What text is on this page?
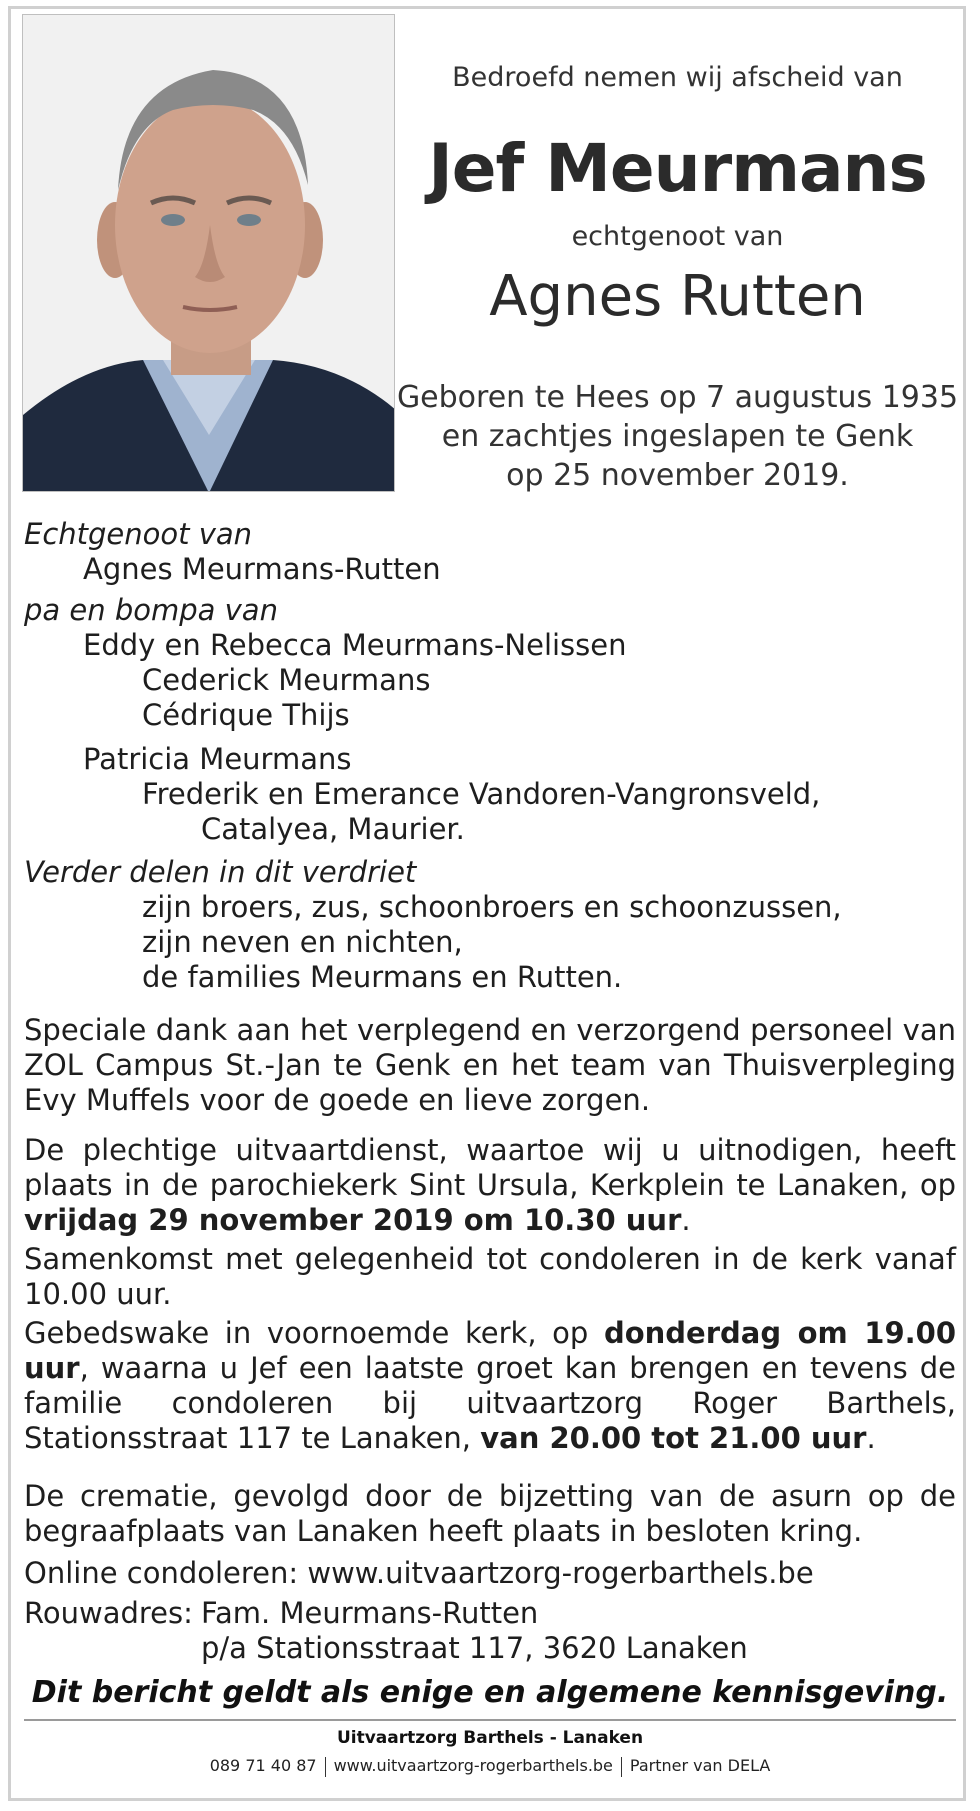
Bedroefd nemen wij afscheid van
Jef Meurmans
echtgenoot van
Agnes Rutten
Geboren te Hees op 7 augustus 1935
en zachtjes ingeslapen te Genk
op 25 november 2019.
Echtgenoot van
Agnes Meurmans-Rutten
pa en bompa van
Eddy en Rebecca Meurmans-Nelissen
Cederick Meurmans
Cédrique Thijs
Patricia Meurmans
Frederik en Emerance Vandoren-Vangronsveld,
Catalyea, Maurier.
Verder delen in dit verdriet
zijn broers, zus, schoonbroers en schoonzussen,
zijn neven en nichten,
de families Meurmans en Rutten.
Speciale dank aan het verplegend en verzorgend personeel van ZOL Campus St.-Jan te Genk en het team van Thuisverpleging Evy Muffels voor de goede en lieve zorgen.
De plechtige uitvaartdienst, waartoe wij u uitnodigen, heeft plaats in de parochiekerk Sint Ursula, Kerkplein te Lanaken, op vrijdag 29 november 2019 om 10.30 uur.
Samenkomst met gelegenheid tot condoleren in de kerk vanaf 10.00 uur.
Gebedswake in voornoemde kerk, op donderdag om 19.00 uur, waarna u Jef een laatste groet kan brengen en tevens de familie condoleren bij uitvaartzorg Roger Barthels, Stationsstraat 117 te Lanaken, van 20.00 tot 21.00 uur.
De crematie, gevolgd door de bijzetting van de asurn op de begraafplaats van Lanaken heeft plaats in besloten kring.
Online condoleren: www.uitvaartzorg-rogerbarthels.be
Rouwadres: Fam. Meurmans-Rutten
p/a Stationsstraat 117, 3620 Lanaken
Dit bericht geldt als enige en algemene kennisgeving.
Uitvaartzorg Barthels - Lanaken
089 71 40 87 www.uitvaartzorg-rogerbarthels.be Partner van DELA
